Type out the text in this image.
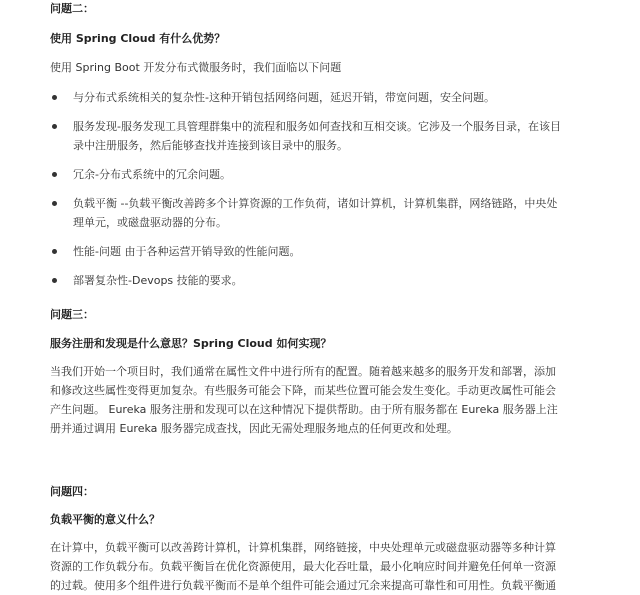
问题二：

使用 Spring Cloud 有什么优势？

使用 Spring Boot 开发分布式微服务时，我们面临以下问题

与分布式系统相关的复杂性-这种开销包括网络问题，延迟开销，带宽问题，安全问题。
服务发现-服务发现工具管理群集中的流程和服务如何查找和互相交谈。它涉及一个服务目录，在该目录中注册服务，然后能够查找并连接到该目录中的服务。
冗余-分布式系统中的冗余问题。
负载平衡 --负载平衡改善跨多个计算资源的工作负荷，诸如计算机，计算机集群，网络链路，中央处理单元，或磁盘驱动器的分布。
性能-问题 由于各种运营开销导致的性能问题。
部署复杂性-Devops 技能的要求。

问题三：

服务注册和发现是什么意思？Spring Cloud 如何实现？

当我们开始一个项目时，我们通常在属性文件中进行所有的配置。随着越来越多的服务开发和部署，添加和修改这些属性变得更加复杂。有些服务可能会下降，而某些位置可能会发生变化。手动更改属性可能会产生问题。 Eureka 服务注册和发现可以在这种情况下提供帮助。由于所有服务都在 Eureka 服务器上注册并通过调用 Eureka 服务器完成查找，因此无需处理服务地点的任何更改和处理。

问题四：

负载平衡的意义什么？

在计算中，负载平衡可以改善跨计算机，计算机集群，网络链接，中央处理单元或磁盘驱动器等多种计算资源的工作负载分布。负载平衡旨在优化资源使用，最大化吞吐量，最小化响应时间并避免任何单一资源的过载。使用多个组件进行负载平衡而不是单个组件可能会通过冗余来提高可靠性和可用性。负载平衡通
